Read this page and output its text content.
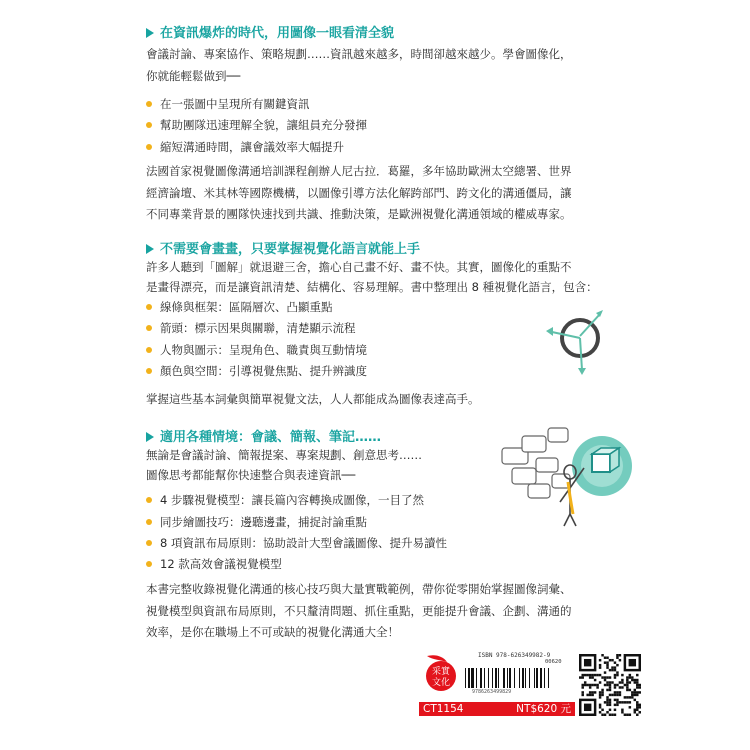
在資訊爆炸的時代，用圖像一眼看清全貌
會議討論、專案協作、策略規劃……資訊越來越多，時間卻越來越少。學會圖像化，
你就能輕鬆做到──
在一張圖中呈現所有關鍵資訊
幫助團隊迅速理解全貌，讓組員充分發揮
縮短溝通時間，讓會議效率大幅提升
法國首家視覺圖像溝通培訓課程創辦人尼古拉．葛羅，多年協助歐洲太空總署、世界
經濟論壇、米其林等國際機構，以圖像引導方法化解跨部門、跨文化的溝通僵局，讓
不同專業背景的團隊快速找到共識、推動決策，是歐洲視覺化溝通領域的權威專家。
不需要會畫畫，只要掌握視覺化語言就能上手
許多人聽到「圖解」就退避三舍，擔心自己畫不好、畫不快。其實，圖像化的重點不
是畫得漂亮，而是讓資訊清楚、結構化、容易理解。書中整理出 8 種視覺化語言，包含：
線條與框架：區隔層次、凸顯重點
箭頭：標示因果與關聯，清楚顯示流程
人物與圖示：呈現角色、職責與互動情境
顏色與空間：引導視覺焦點、提升辨識度
掌握這些基本詞彙與簡單視覺文法，人人都能成為圖像表達高手。
適用各種情境：會議、簡報、筆記……
無論是會議討論、簡報提案、專案規劃、創意思考……
圖像思考都能幫你快速整合與表達資訊──
4 步驟視覺模型：讓長篇內容轉換成圖像，一目了然
同步繪圖技巧：邊聽邊畫，捕捉討論重點
8 項資訊布局原則：協助設計大型會議圖像、提升易讀性
12 款高效會議視覺模型
本書完整收錄視覺化溝通的核心技巧與大量實戰範例，帶你從零開始掌握圖像詞彙、
視覺模型與資訊布局原則，不只釐清問題、抓住重點，更能提升會議、企劃、溝通的
效率，是你在職場上不可或缺的視覺化溝通大全！
采實
文化
ISBN 978-626349982-9
00620
9786263499829
CT1154	NT$620 元
